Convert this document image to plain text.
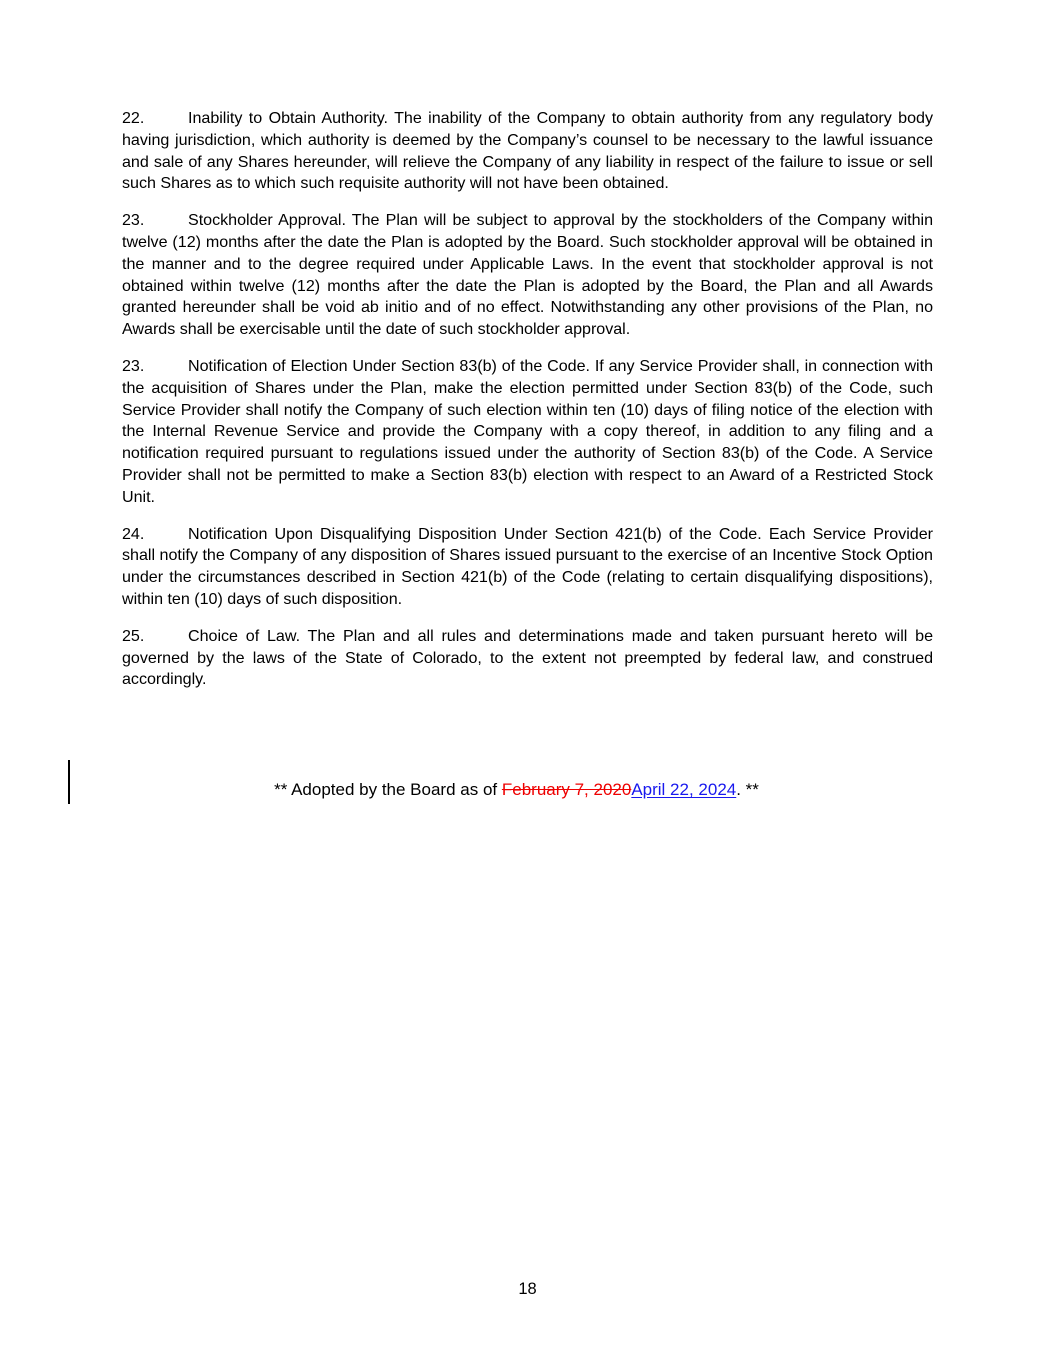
22.	Inability to Obtain Authority. The inability of the Company to obtain authority from any regulatory body having jurisdiction, which authority is deemed by the Company’s counsel to be necessary to the lawful issuance and sale of any Shares hereunder, will relieve the Company of any liability in respect of the failure to issue or sell such Shares as to which such requisite authority will not have been obtained.

23.	Stockholder Approval. The Plan will be subject to approval by the stockholders of the Company within twelve (12) months after the date the Plan is adopted by the Board. Such stockholder approval will be obtained in the manner and to the degree required under Applicable Laws. In the event that stockholder approval is not obtained within twelve (12) months after the date the Plan is adopted by the Board, the Plan and all Awards granted hereunder shall be void ab initio and of no effect. Notwithstanding any other provisions of the Plan, no Awards shall be exercisable until the date of such stockholder approval.

23.	Notification of Election Under Section 83(b) of the Code. If any Service Provider shall, in connection with the acquisition of Shares under the Plan, make the election permitted under Section 83(b) of the Code, such Service Provider shall notify the Company of such election within ten (10) days of filing notice of the election with the Internal Revenue Service and provide the Company with a copy thereof, in addition to any filing and a notification required pursuant to regulations issued under the authority of Section 83(b) of the Code. A Service Provider shall not be permitted to make a Section 83(b) election with respect to an Award of a Restricted Stock Unit.

24.	Notification Upon Disqualifying Disposition Under Section 421(b) of the Code. Each Service Provider shall notify the Company of any disposition of Shares issued pursuant to the exercise of an Incentive Stock Option under the circumstances described in Section 421(b) of the Code (relating to certain disqualifying dispositions), within ten (10) days of such disposition.

25.	Choice of Law. The Plan and all rules and determinations made and taken pursuant hereto will be governed by the laws of the State of Colorado, to the extent not preempted by federal law, and construed accordingly.

** Adopted by the Board as of February 7, 2020April 22, 2024. **
18
